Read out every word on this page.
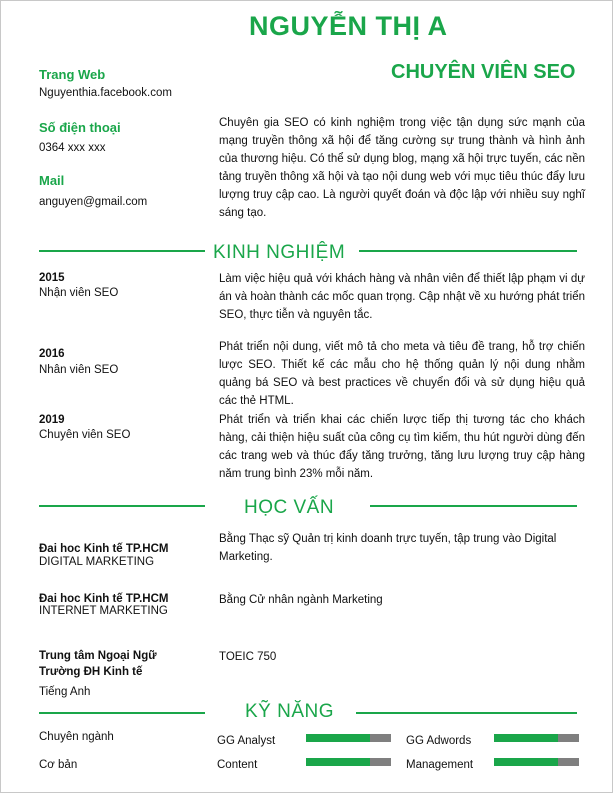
NGUYỄN THỊ A
CHUYÊN VIÊN SEO
Trang Web
Nguyenthia.facebook.com
Số điện thoại
0364 xxx xxx
Mail
anguyen@gmail.com
Chuyên gia SEO có kinh nghiệm trong việc tận dụng sức mạnh của mạng truyền thông xã hội để tăng cường sự trung thành và hình ảnh của thương hiệu. Có thể sử dụng blog, mạng xã hội trực tuyến, các nền tảng truyền thông xã hội và tạo nội dung web với mục tiêu thúc đẩy lưu lượng truy cập cao. Là người quyết đoán và độc lập với nhiều suy nghĩ sáng tạo.
KINH NGHIỆM
2015
Nhận viên SEO
Làm việc hiệu quả với khách hàng và nhân viên để thiết lập phạm vi dự án và hoàn thành các mốc quan trọng. Cập nhật về xu hướng phát triển SEO, thực tiễn và nguyên tắc.
2016
Nhân viên SEO
Phát triển nội dung, viết mô tả cho meta và tiêu đề trang, hỗ trợ chiến lược SEO. Thiết kế các mẫu cho hệ thống quản lý nội dung nhằm quảng bá SEO và best practices về chuyển đổi và sử dụng hiệu quả các thẻ HTML.
2019
Chuyên viên SEO
Phát triển và triển khai các chiến lược tiếp thị tương tác cho khách hàng, cải thiện hiệu suất của công cụ tìm kiếm, thu hút người dùng đến các trang web và thúc đẩy tăng trưởng, tăng lưu lượng truy cập hàng năm trung bình 23% mỗi năm.
HỌC VẤN
Đai hoc Kinh tế TP.HCM
DIGITAL MARKETING
Bằng Thạc sỹ Quản trị kinh doanh trực tuyến, tập trung vào Digital Marketing.
Đai hoc Kinh tế TP.HCM
INTERNET MARKETING
Bằng Cử nhân ngành Marketing
Trung tâm Ngoại Ngữ
Trường ĐH Kinh tế
Tiếng Anh
TOEIC 750
KỸ NĂNG
Chuyên ngành
Cơ bản
GG Analyst	GG Adwords
Content	Management
